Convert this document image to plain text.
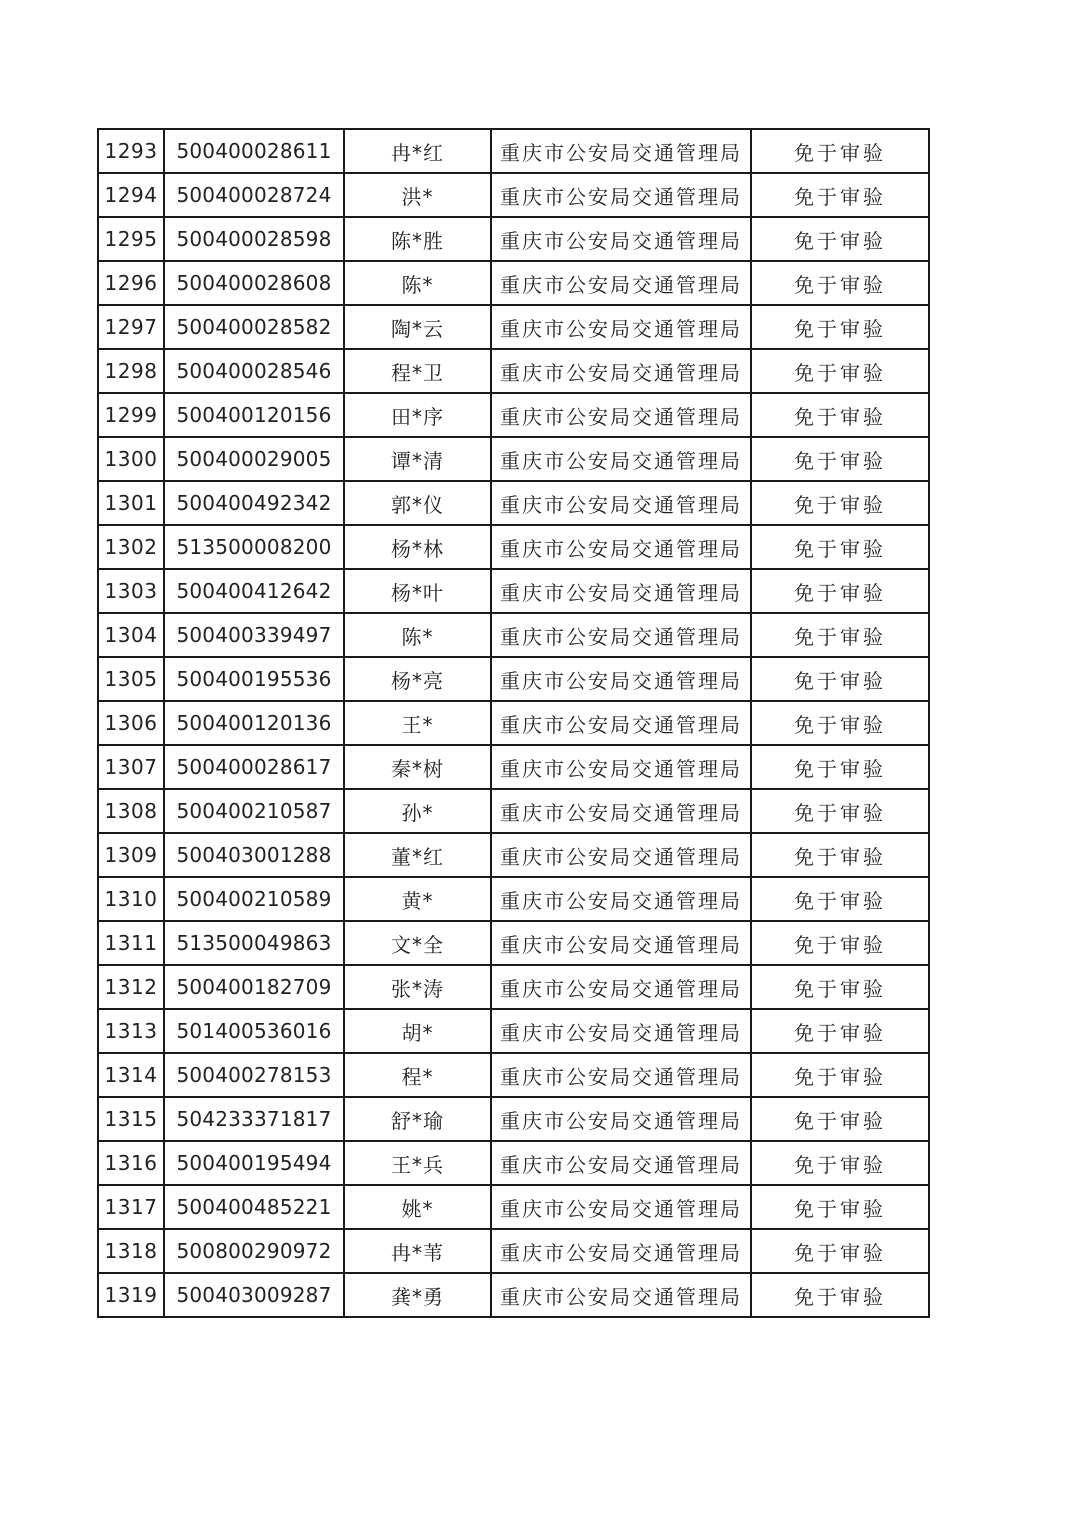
1293	500400028611	冉*红	重庆市公安局交通管理局	免于审验
1294	500400028724	洪*	重庆市公安局交通管理局	免于审验
1295	500400028598	陈*胜	重庆市公安局交通管理局	免于审验
1296	500400028608	陈*	重庆市公安局交通管理局	免于审验
1297	500400028582	陶*云	重庆市公安局交通管理局	免于审验
1298	500400028546	程*卫	重庆市公安局交通管理局	免于审验
1299	500400120156	田*序	重庆市公安局交通管理局	免于审验
1300	500400029005	谭*清	重庆市公安局交通管理局	免于审验
1301	500400492342	郭*仪	重庆市公安局交通管理局	免于审验
1302	513500008200	杨*林	重庆市公安局交通管理局	免于审验
1303	500400412642	杨*叶	重庆市公安局交通管理局	免于审验
1304	500400339497	陈*	重庆市公安局交通管理局	免于审验
1305	500400195536	杨*亮	重庆市公安局交通管理局	免于审验
1306	500400120136	王*	重庆市公安局交通管理局	免于审验
1307	500400028617	秦*树	重庆市公安局交通管理局	免于审验
1308	500400210587	孙*	重庆市公安局交通管理局	免于审验
1309	500403001288	董*红	重庆市公安局交通管理局	免于审验
1310	500400210589	黄*	重庆市公安局交通管理局	免于审验
1311	513500049863	文*全	重庆市公安局交通管理局	免于审验
1312	500400182709	张*涛	重庆市公安局交通管理局	免于审验
1313	501400536016	胡*	重庆市公安局交通管理局	免于审验
1314	500400278153	程*	重庆市公安局交通管理局	免于审验
1315	504233371817	舒*瑜	重庆市公安局交通管理局	免于审验
1316	500400195494	王*兵	重庆市公安局交通管理局	免于审验
1317	500400485221	姚*	重庆市公安局交通管理局	免于审验
1318	500800290972	冉*苇	重庆市公安局交通管理局	免于审验
1319	500403009287	龚*勇	重庆市公安局交通管理局	免于审验
